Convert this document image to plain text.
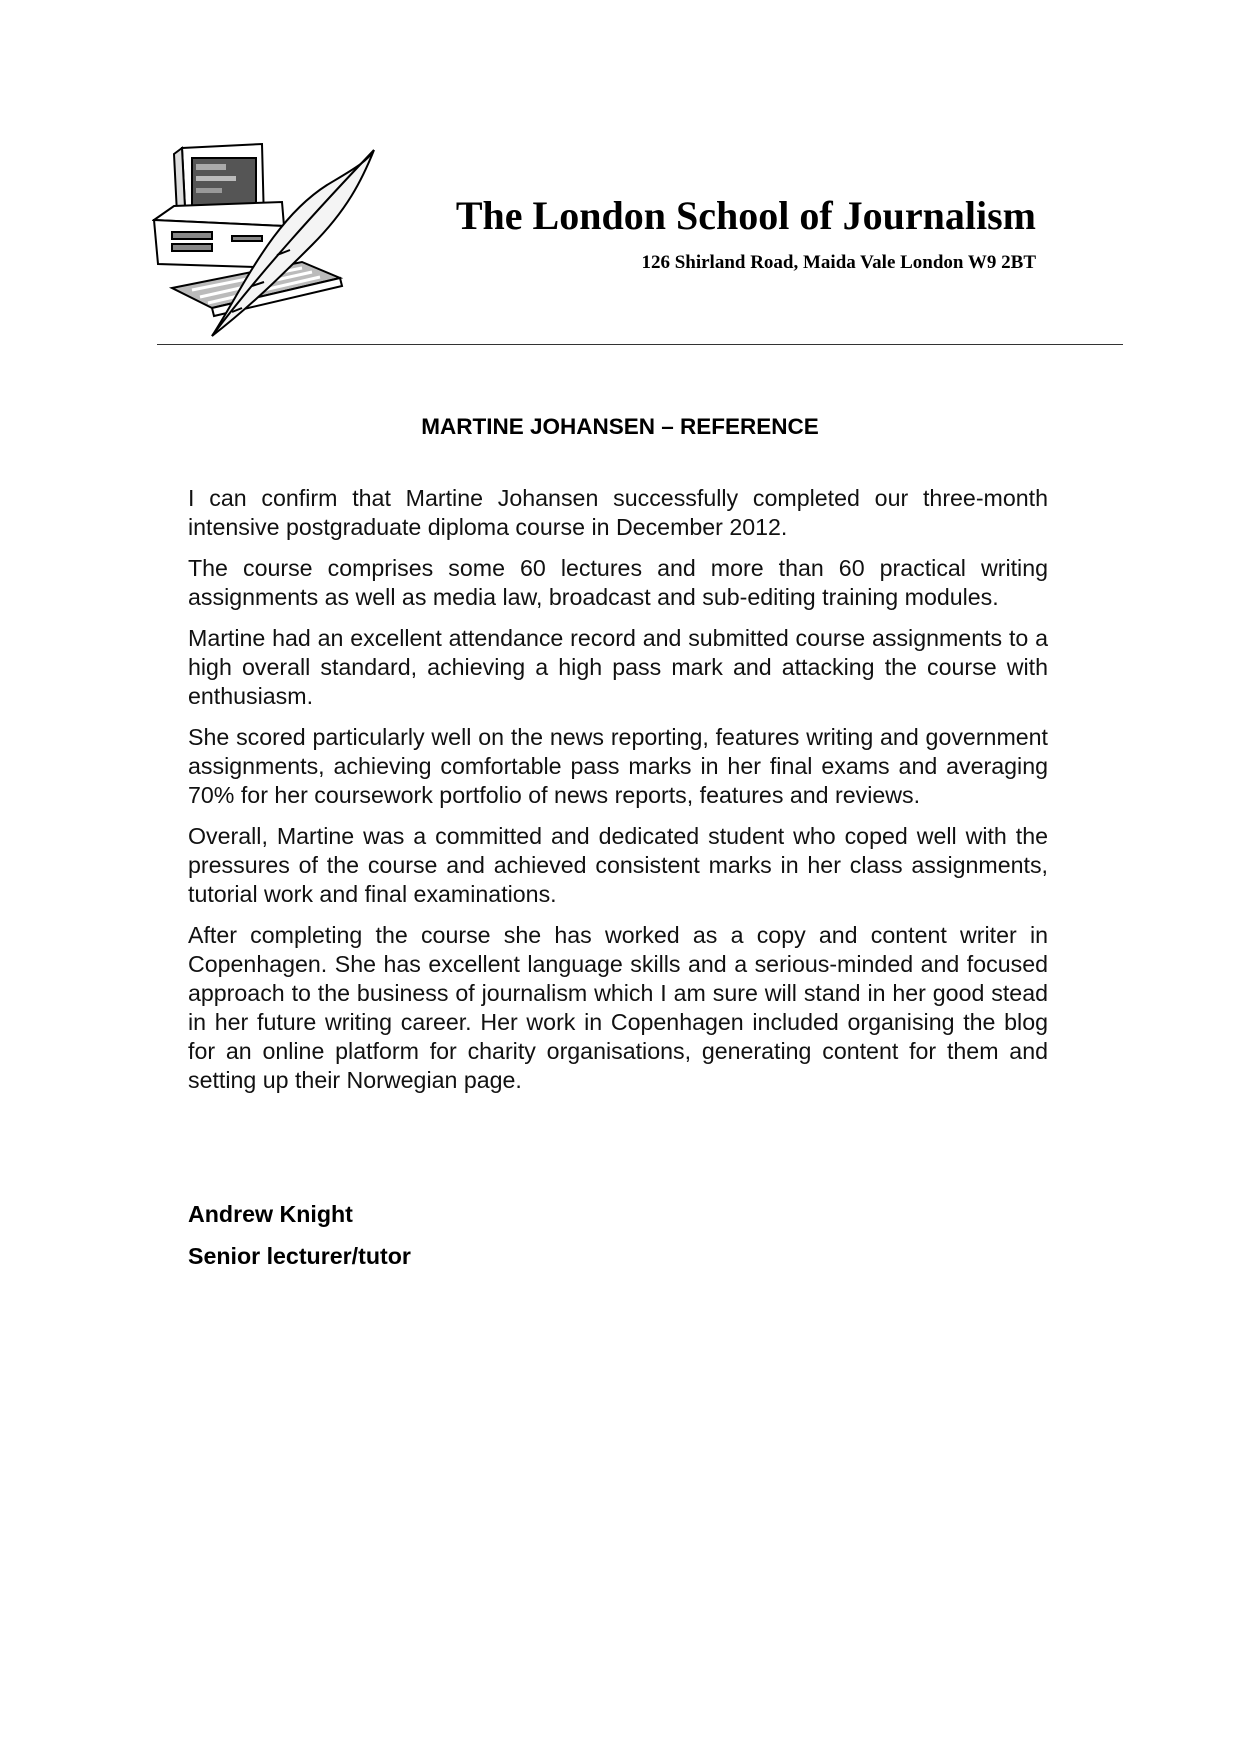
The London School of Journalism
126 Shirland Road, Maida Vale London W9 2BT
MARTINE JOHANSEN – REFERENCE

I can confirm that Martine Johansen successfully completed our three-month intensive postgraduate diploma course in December 2012.

The course comprises some 60 lectures and more than 60 practical writing assignments as well as media law, broadcast and sub-editing training modules.

Martine had an excellent attendance record and submitted course assignments to a high overall standard, achieving a high pass mark and attacking the course with enthusiasm.

She scored particularly well on the news reporting, features writing and government assignments, achieving comfortable pass marks in her final exams and averaging 70% for her coursework portfolio of news reports, features and reviews.

Overall, Martine was a committed and dedicated student who coped well with the pressures of the course and achieved consistent marks in her class assignments, tutorial work and final examinations.

After completing the course she has worked as a copy and content writer in Copenhagen. She has excellent language skills and a serious-minded and focused approach to the business of journalism which I am sure will stand in her good stead in her future writing career. Her work in Copenhagen included organising the blog for an online platform for charity organisations, generating content for them and setting up their Norwegian page.

Andrew Knight
Senior lecturer/tutor
